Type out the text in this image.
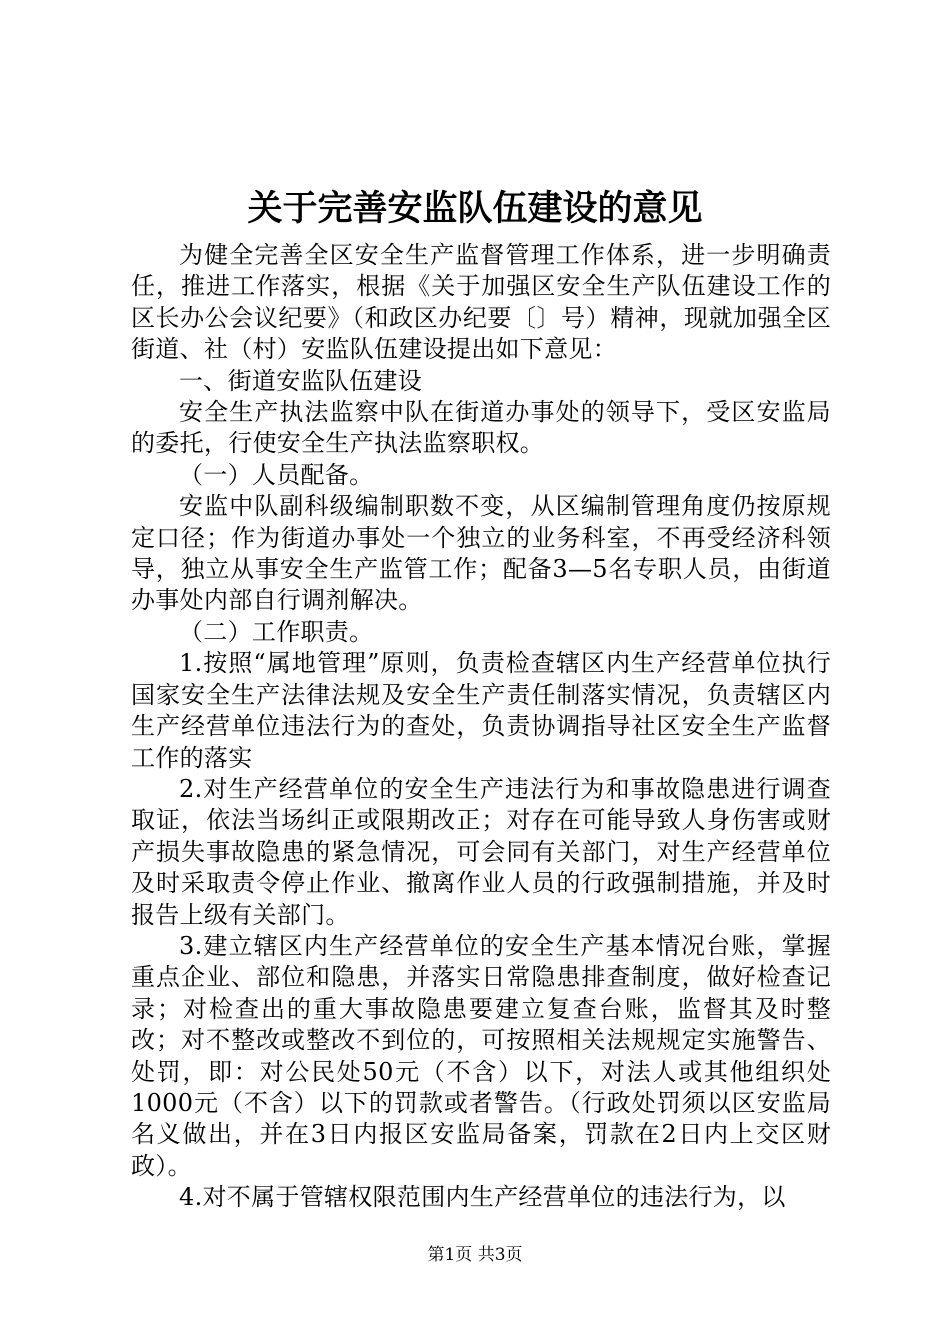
关于完善安监队伍建设的意见

为健全完善全区安全生产监督管理工作体系，进一步明确责任，推进工作落实，根据《关于加强区安全生产队伍建设工作的区长办公会议纪要》（和政区办纪要〔〕号）精神，现就加强全区街道、社（村）安监队伍建设提出如下意见：

一、街道安监队伍建设

安全生产执法监察中队在街道办事处的领导下，受区安监局的委托，行使安全生产执法监察职权。

（一）人员配备。

安监中队副科级编制职数不变，从区编制管理角度仍按原规定口径；作为街道办事处一个独立的业务科室，不再受经济科领导，独立从事安全生产监管工作；配备3—5名专职人员，由街道办事处内部自行调剂解决。

（二）工作职责。

1.按照“属地管理”原则，负责检查辖区内生产经营单位执行国家安全生产法律法规及安全生产责任制落实情况，负责辖区内生产经营单位违法行为的查处，负责协调指导社区安全生产监督工作的落实

2.对生产经营单位的安全生产违法行为和事故隐患进行调查取证，依法当场纠正或限期改正；对存在可能导致人身伤害或财产损失事故隐患的紧急情况，可会同有关部门，对生产经营单位及时采取责令停止作业、撤离作业人员的行政强制措施，并及时报告上级有关部门。

3.建立辖区内生产经营单位的安全生产基本情况台账，掌握重点企业、部位和隐患，并落实日常隐患排查制度，做好检查记录；对检查出的重大事故隐患要建立复查台账，监督其及时整改；对不整改或整改不到位的，可按照相关法规规定实施警告、处罚，即：对公民处50元（不含）以下，对法人或其他组织处1000元（不含）以下的罚款或者警告。（行政处罚须以区安监局名义做出，并在3日内报区安监局备案，罚款在2日内上交区财政）。

4.对不属于管辖权限范围内生产经营单位的违法行为，以

第1页 共3页
